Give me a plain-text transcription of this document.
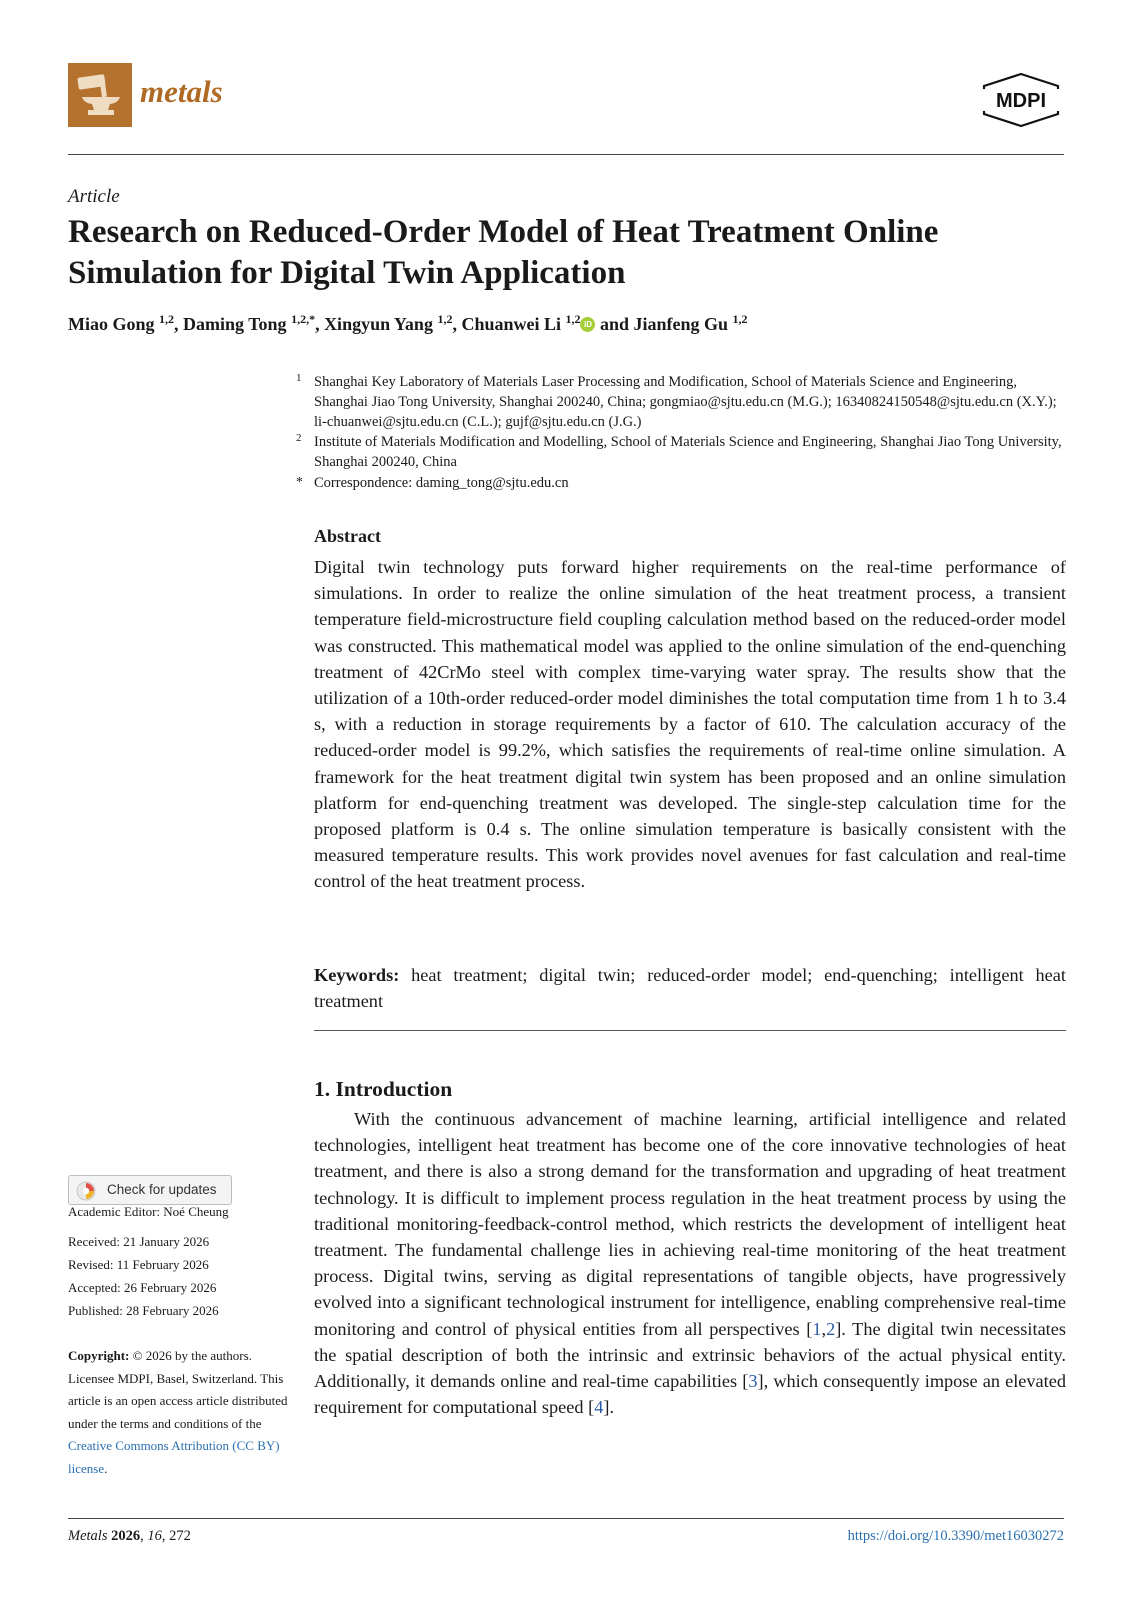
metals	MDPI
Article
Research on Reduced-Order Model of Heat Treatment Online Simulation for Digital Twin Application
Miao Gong $^{1,2}$, Daming Tong $^{1,2,*}$, Xingyun Yang $^{1,2}$, Chuanwei Li $^{1,2}$ iD and Jianfeng Gu $^{1,2}$
1 Shanghai Key Laboratory of Materials Laser Processing and Modification, School of Materials Science and Engineering, Shanghai Jiao Tong University, Shanghai 200240, China; gongmiao@sjtu.edu.cn (M.G.); 16340824150548@sjtu.edu.cn (X.Y.); li-chuanwei@sjtu.edu.cn (C.L.); gujf@sjtu.edu.cn (J.G.)
2 Institute of Materials Modification and Modelling, School of Materials Science and Engineering, Shanghai Jiao Tong University, Shanghai 200240, China
* Correspondence: daming_tong@sjtu.edu.cn
Abstract
Digital twin technology puts forward higher requirements on the real-time performance of simulations. In order to realize the online simulation of the heat treatment process, a transient temperature field-microstructure field coupling calculation method based on the reduced-order model was constructed. This mathematical model was applied to the online simulation of the end-quenching treatment of 42CrMo steel with complex time-varying water spray. The results show that the utilization of a 10th-order reduced-order model diminishes the total computation time from 1 h to 3.4 s, with a reduction in storage requirements by a factor of 610. The calculation accuracy of the reduced-order model is 99.2%, which satisfies the requirements of real-time online simulation. A framework for the heat treatment digital twin system has been proposed and an online simulation platform for end-quenching treatment was developed. The single-step calculation time for the proposed platform is 0.4 s. The online simulation temperature is basically consistent with the measured temperature results. This work provides novel avenues for fast calculation and real-time control of the heat treatment process.
Keywords: heat treatment; digital twin; reduced-order model; end-quenching; intelligent heat treatment
1. Introduction
With the continuous advancement of machine learning, artificial intelligence and related technologies, intelligent heat treatment has become one of the core innovative technologies of heat treatment, and there is also a strong demand for the transformation and upgrading of heat treatment technology. It is difficult to implement process regulation in the heat treatment process by using the traditional monitoring-feedback-control method, which restricts the development of intelligent heat treatment. The fundamental challenge lies in achieving real-time monitoring of the heat treatment process. Digital twins, serving as digital representations of tangible objects, have progressively evolved into a significant technological instrument for intelligence, enabling comprehensive real-time monitoring and control of physical entities from all perspectives [1,2]. The digital twin necessitates the spatial description of both the intrinsic and extrinsic behaviors of the actual physical entity. Additionally, it demands online and real-time capabilities [3], which consequently impose an elevated requirement for computational speed [4].
Check for updates
Academic Editor: Noé Cheung
Received: 21 January 2026
Revised: 11 February 2026
Accepted: 26 February 2026
Published: 28 February 2026
Copyright: © 2026 by the authors. Licensee MDPI, Basel, Switzerland. This article is an open access article distributed under the terms and conditions of the Creative Commons Attribution (CC BY) license.
Metals 2026, 16, 272	https://doi.org/10.3390/met16030272
